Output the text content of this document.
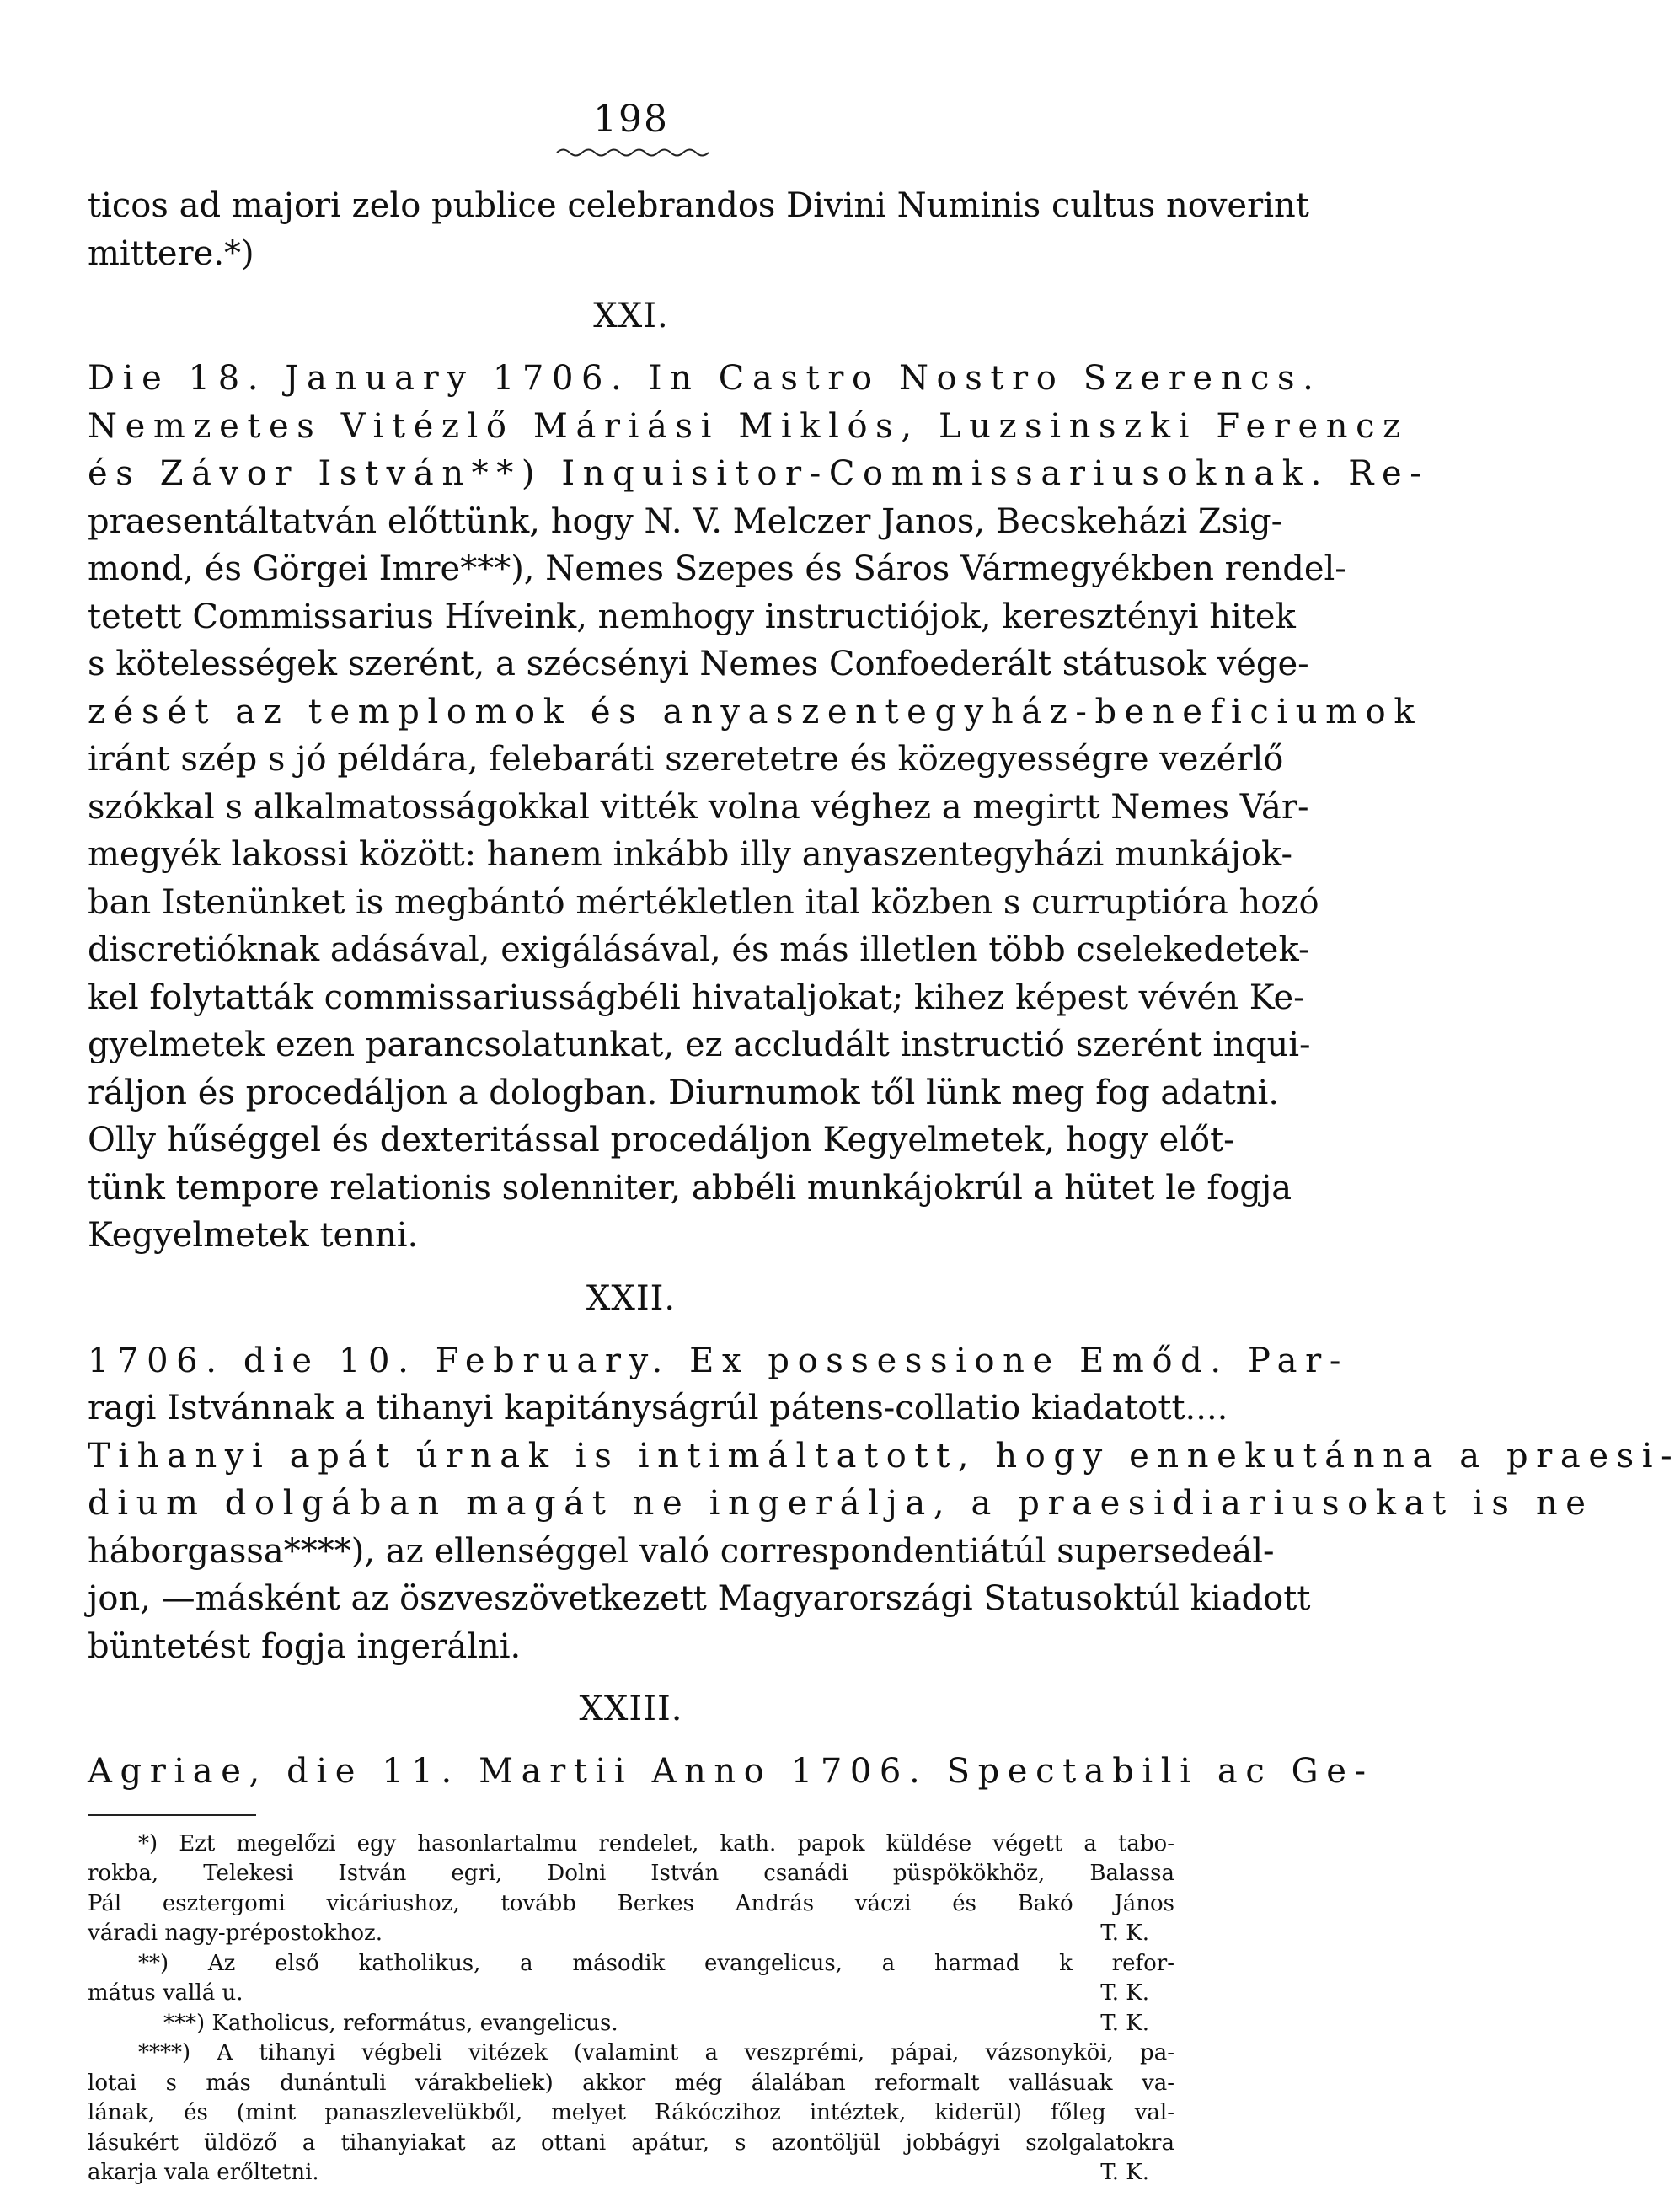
198
ticos ad majori zelo publice celebrandos Divini Numinis cultus noverint
mittere.*)
XXI.
Die 18. January 1706. In Castro Nostro Szerencs.
Nemzetes Vitézlő Máriási Miklós, Luzsinszki Ferencz
és Závor István**) Inquisitor-Commissariusoknak. Re-
praesentáltatván előttünk, hogy N. V. Melczer Janos, Becskeházi Zsig-
mond, és Görgei Imre***), Nemes Szepes és Sáros Vármegyékben rendel-
tetett Commissarius Híveink, nemhogy instructiójok, keresztényi hitek
s kötelességek szerént, a szécsényi Nemes Confoederált státusok vége-
zését az templomok és anyaszentegyház-beneficiumok
iránt szép s jó példára, felebaráti szeretetre és közegyességre vezérlő
szókkal s alkalmatosságokkal vitték volna véghez a megirtt Nemes Vár-
megyék lakossi között: hanem inkább illy anyaszentegyházi munkájok-
ban Istenünket is megbántó mértékletlen ital közben s curruptióra hozó
discretióknak adásával, exigálásával, és más illetlen több cselekedetek-
kel folytatták commissariusságbéli hivataljokat; kihez képest vévén Ke-
gyelmetek ezen parancsolatunkat, ez accludált instructió szerént inqui-
ráljon és procedáljon a dologban. Diurnumok től lünk meg fog adatni.
Olly hűséggel és dexteritással procedáljon Kegyelmetek, hogy előt-
tünk tempore relationis solenniter, abbéli munkájokrúl a hütet le fogja
Kegyelmetek tenni.
XXII.
1706. die 10. February. Ex possessione Emőd. Par-
ragi Istvánnak a tihanyi kapitányságrúl pátens-collatio kiadatott....
Tihanyi apát úrnak is intimáltatott, hogy ennekutánna a praesi-
dium dolgában magát ne ingerálja, a praesidiariusokat is ne
háborgassa****), az ellenséggel való correspondentiátúl supersedeál-
jon, —másként az öszveszövetkezett Magyarországi Statusoktúl kiadott
büntetést fogja ingerálni.
XXIII.
Agriae, die 11. Martii Anno 1706. Spectabili ac Ge-
*) Ezt megelőzi egy hasonlartalmu rendelet, kath. papok küldése végett a tabo-
rokba, Telekesi István egri, Dolni István csanádi püspökökhöz, Balassa
Pál esztergomi vicáriushoz, tovább Berkes András váczi és Bakó János
váradi nagy-prépostokhoz.	T. K.
**) Az első katholikus, a második evangelicus, a harmad k refor-
mátus vallá u.	T. K.
***) Katholicus, református, evangelicus.	T. K.
****) A tihanyi végbeli vitézek (valamint a veszprémi, pápai, vázsonyköi, pa-
lotai s más dunántuli várakbeliek) akkor még álalában reformalt vallásuak va-
lának, és (mint panaszlevelükből, melyet Rákóczihoz intéztek, kiderül) főleg val-
lásukért üldöző a tihanyiakat az ottani apátur, s azontöljül jobbágyi szolgalatokra
akarja vala erőltetni.	T. K.
